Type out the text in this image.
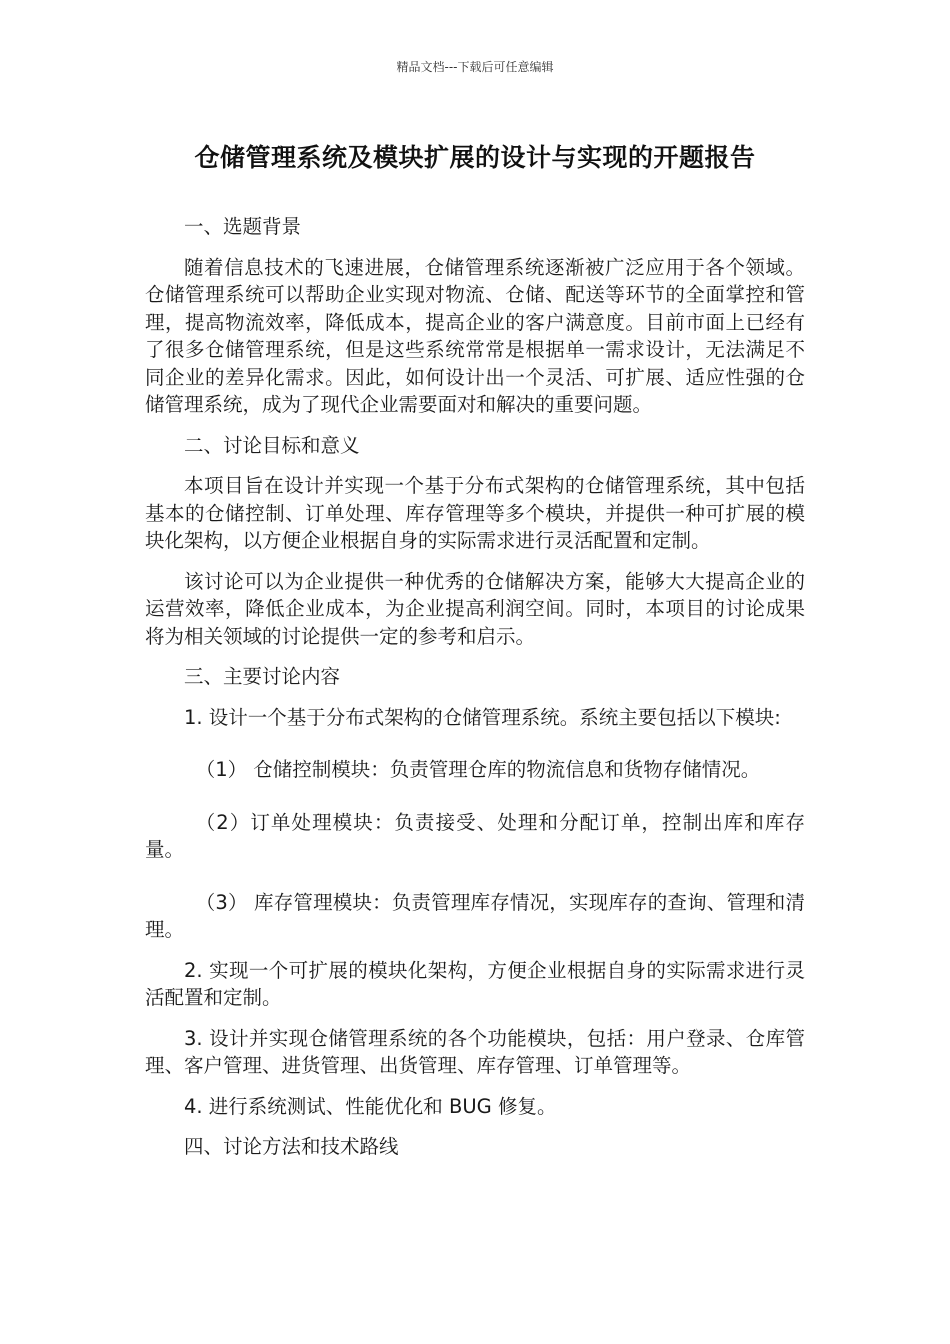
精品文档---下载后可任意编辑
仓储管理系统及模块扩展的设计与实现的开题报告

一、选题背景

随着信息技术的飞速进展，仓储管理系统逐渐被广泛应用于各个领域。仓储管理系统可以帮助企业实现对物流、仓储、配送等环节的全面掌控和管理，提高物流效率，降低成本，提高企业的客户满意度。目前市面上已经有了很多仓储管理系统，但是这些系统常常是根据单一需求设计，无法满足不同企业的差异化需求。因此，如何设计出一个灵活、可扩展、适应性强的仓储管理系统，成为了现代企业需要面对和解决的重要问题。

二、讨论目标和意义

本项目旨在设计并实现一个基于分布式架构的仓储管理系统，其中包括基本的仓储控制、订单处理、库存管理等多个模块，并提供一种可扩展的模块化架构，以方便企业根据自身的实际需求进行灵活配置和定制。

该讨论可以为企业提供一种优秀的仓储解决方案，能够大大提高企业的运营效率，降低企业成本，为企业提高利润空间。同时，本项目的讨论成果将为相关领域的讨论提供一定的参考和启示。

三、主要讨论内容

1. 设计一个基于分布式架构的仓储管理系统。系统主要包括以下模块:

（1） 仓储控制模块：负责管理仓库的物流信息和货物存储情况。

（2）订单处理模块：负责接受、处理和分配订单，控制出库和库存量。

（3） 库存管理模块：负责管理库存情况，实现库存的查询、管理和清理。

2. 实现一个可扩展的模块化架构，方便企业根据自身的实际需求进行灵活配置和定制。

3. 设计并实现仓储管理系统的各个功能模块，包括：用户登录、仓库管理、客户管理、进货管理、出货管理、库存管理、订单管理等。

4. 进行系统测试、性能优化和 BUG 修复。

四、讨论方法和技术路线
